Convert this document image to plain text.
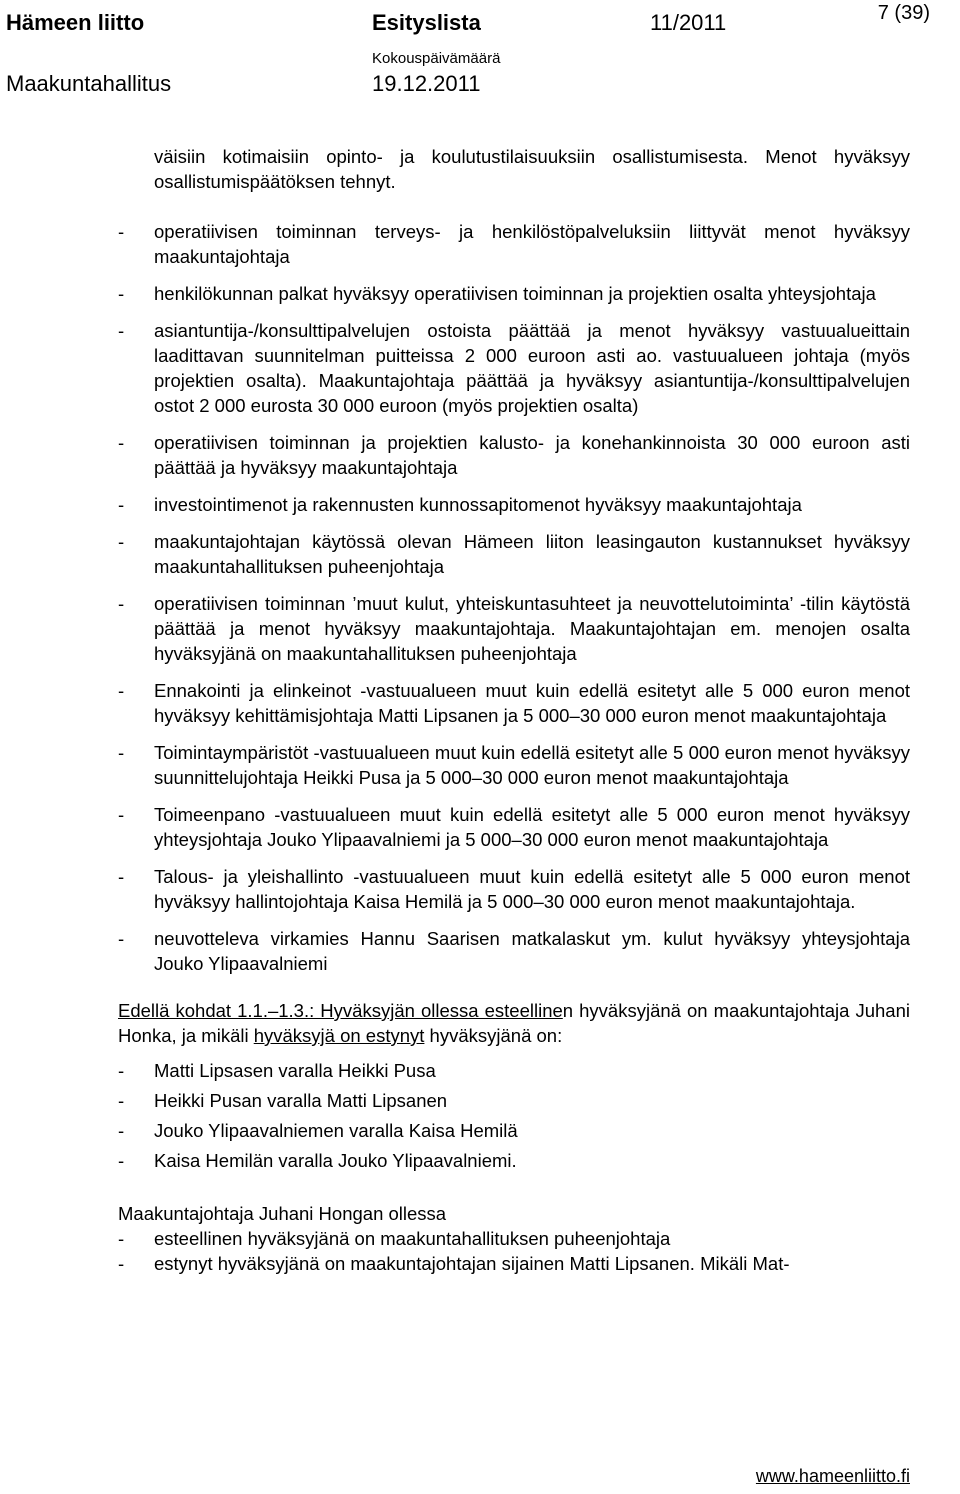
Hämeen liitto	Esityslista	11/2011	7 (39)
Kokouspäivämäärä
Maakuntahallitus	19.12.2011

väisiin kotimaisiin opinto- ja koulutustilaisuuksiin osallistumisesta. Menot hyväksyy osallistumispäätöksen tehnyt.

- operatiivisen toiminnan terveys- ja henkilöstöpalveluksiin liittyvät menot hyväksyy maakuntajohtaja

- henkilökunnan palkat hyväksyy operatiivisen toiminnan ja projektien osalta yhteysjohtaja

- asiantuntija-/konsulttipalvelujen ostoista päättää ja menot hyväksyy vastuualueittain laadittavan suunnitelman puitteissa 2 000 euroon asti ao. vastuualueen johtaja (myös projektien osalta). Maakuntajohtaja päättää ja hyväksyy asiantuntija-/konsulttipalvelujen ostot 2 000 eurosta 30 000 euroon (myös projektien osalta)

- operatiivisen toiminnan ja projektien kalusto- ja konehankinnoista 30 000 euroon asti päättää ja hyväksyy maakuntajohtaja

- investointimenot ja rakennusten kunnossapitomenot hyväksyy maakuntajohtaja

- maakuntajohtajan käytössä olevan Hämeen liiton leasingauton kustannukset hyväksyy maakuntahallituksen puheenjohtaja

- operatiivisen toiminnan ’muut kulut, yhteiskuntasuhteet ja neuvottelutoiminta’ -tilin käytöstä päättää ja menot hyväksyy maakuntajohtaja. Maakuntajohtajan em. menojen osalta hyväksyjänä on maakuntahallituksen puheenjohtaja

- Ennakointi ja elinkeinot -vastuualueen muut kuin edellä esitetyt alle 5 000 euron menot hyväksyy kehittämisjohtaja Matti Lipsanen ja 5 000–30 000 euron menot maakuntajohtaja

- Toimintaympäristöt -vastuualueen muut kuin edellä esitetyt alle 5 000 euron menot hyväksyy suunnittelujohtaja Heikki Pusa ja 5 000–30 000 euron menot maakuntajohtaja

- Toimeenpano -vastuualueen muut kuin edellä esitetyt alle 5 000 euron menot hyväksyy yhteysjohtaja Jouko Ylipaavalniemi ja 5 000–30 000 euron menot maakuntajohtaja

- Talous- ja yleishallinto -vastuualueen muut kuin edellä esitetyt alle 5 000 euron menot hyväksyy hallintojohtaja Kaisa Hemilä ja 5 000–30 000 euron menot maakuntajohtaja.

- neuvotteleva virkamies Hannu Saarisen matkalaskut ym. kulut hyväksyy yhteysjohtaja Jouko Ylipaavalniemi

Edellä kohdat 1.1.–1.3.: Hyväksyjän ollessa esteellinen hyväksyjänä on maakuntajohtaja Juhani Honka, ja mikäli hyväksyjä on estynyt hyväksyjänä on:

- Matti Lipsasen varalla Heikki Pusa

- Heikki Pusan varalla Matti Lipsanen

- Jouko Ylipaavalniemen varalla Kaisa Hemilä

- Kaisa Hemilän varalla Jouko Ylipaavalniemi.

Maakuntajohtaja Juhani Hongan ollessa

- esteellinen hyväksyjänä on maakuntahallituksen puheenjohtaja

- estynyt hyväksyjänä on maakuntajohtajan sijainen Matti Lipsanen. Mikäli Mat-

www.hameenliitto.fi
